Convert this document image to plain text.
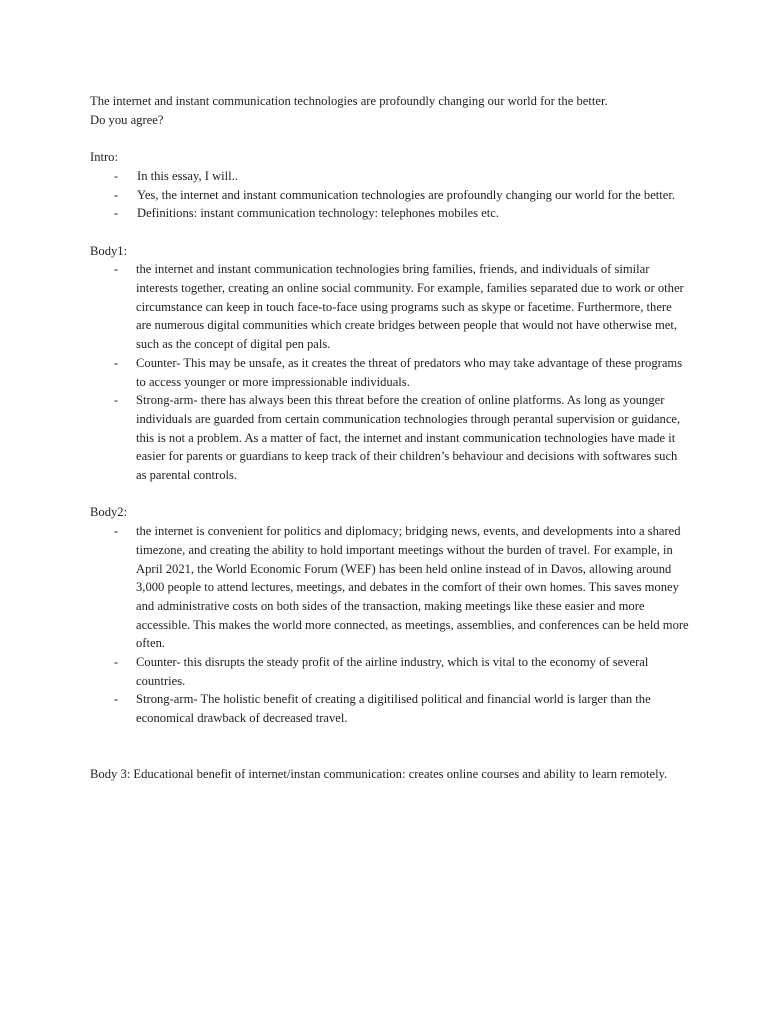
The internet and instant communication technologies are profoundly changing our world for the better.

Do you agree?

Intro:

-	In this essay, I will..
-	Yes, the internet and instant communication technologies are profoundly changing our world for the better.
-	Definitions: instant communication technology: telephones mobiles etc.

Body1:

-	the internet and instant communication technologies bring families, friends, and individuals of similar interests together, creating an online social community. For example, families separated due to work or other circumstance can keep in touch face-to-face using programs such as skype or facetime. Furthermore, there are numerous digital communities which create bridges between people that would not have otherwise met, such as the concept of digital pen pals.
-	Counter- This may be unsafe, as it creates the threat of predators who may take advantage of these programs to access younger or more impressionable individuals.
-	Strong-arm- there has always been this threat before the creation of online platforms. As long as younger individuals are guarded from certain communication technologies through perantal supervision or guidance, this is not a problem. As a matter of fact, the internet and instant communication technologies have made it easier for parents or guardians to keep track of their children’s behaviour and decisions with softwares such as parental controls.

Body2:

-	the internet is convenient for politics and diplomacy; bridging news, events, and developments into a shared timezone, and creating the ability to hold important meetings without the burden of travel. For example, in April 2021, the World Economic Forum (WEF) has been held online instead of in Davos, allowing around 3,000 people to attend lectures, meetings, and debates in the comfort of their own homes. This saves money and administrative costs on both sides of the transaction, making meetings like these easier and more accessible. This makes the world more connected, as meetings, assemblies, and conferences can be held more often.
-	Counter- this disrupts the steady profit of the airline industry, which is vital to the economy of several countries.
-	Strong-arm- The holistic benefit of creating a digitilised political and financial world is larger than the economical drawback of decreased travel.

Body 3: Educational benefit of internet/instan communication: creates online courses and ability to learn remotely.
